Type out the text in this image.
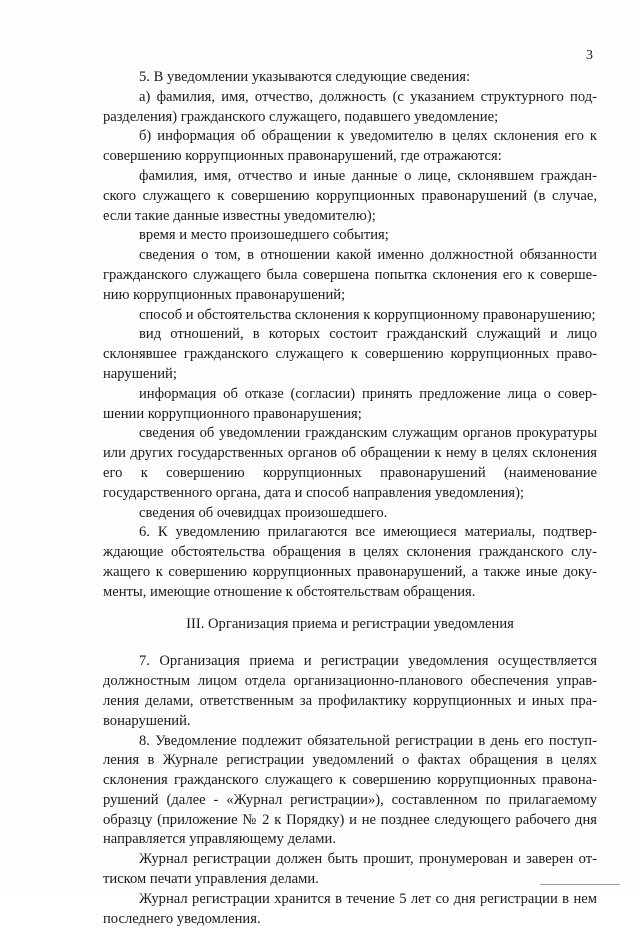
3

5. В уведомлении указываются следующие сведения:

а) фамилия, имя, отчество, должность (с указанием структурного подразделения) гражданского служащего, подавшего уведомление;

б) информация об обращении к уведомителю в целях склонения его к совершению коррупционных правонарушений, где отражаются:

фамилия, имя, отчество и иные данные о лице, склонявшем гражданского служащего к совершению коррупционных правонарушений (в случае, если такие данные известны уведомителю);

время и место произошедшего события;

сведения о том, в отношении какой именно должностной обязанности гражданского служащего была совершена попытка склонения его к совершению коррупционных правонарушений;

способ и обстоятельства склонения к коррупционному правонарушению;

вид отношений, в которых состоит гражданский служащий и лицо склонявшее гражданского служащего к совершению коррупционных правонарушений;

информация об отказе (согласии) принять предложение лица о совершении коррупционного правонарушения;

сведения об уведомлении гражданским служащим органов прокуратуры или других государственных органов об обращении к нему в целях склонения его к совершению коррупционных правонарушений (наименование государственного органа, дата и способ направления уведомления);

сведения об очевидцах произошедшего.

6. К уведомлению прилагаются все имеющиеся материалы, подтверждающие обстоятельства обращения в целях склонения гражданского служащего к совершению коррупционных правонарушений, а также иные документы, имеющие отношение к обстоятельствам обращения.

III. Организация приема и регистрации уведомления

7. Организация приема и регистрации уведомления осуществляется должностным лицом отдела организационно-планового обеспечения управления делами, ответственным за профилактику коррупционных и иных правонарушений.

8. Уведомление подлежит обязательной регистрации в день его поступления в Журнале регистрации уведомлений о фактах обращения в целях склонения гражданского служащего к совершению коррупционных правонарушений (далее - «Журнал регистрации»), составленном по прилагаемому образцу (приложение № 2 к Порядку) и не позднее следующего рабочего дня направляется управляющему делами.

Журнал регистрации должен быть прошит, пронумерован и заверен оттиском печати управления делами.

Журнал регистрации хранится в течение 5 лет со дня регистрации в нем последнего уведомления.
